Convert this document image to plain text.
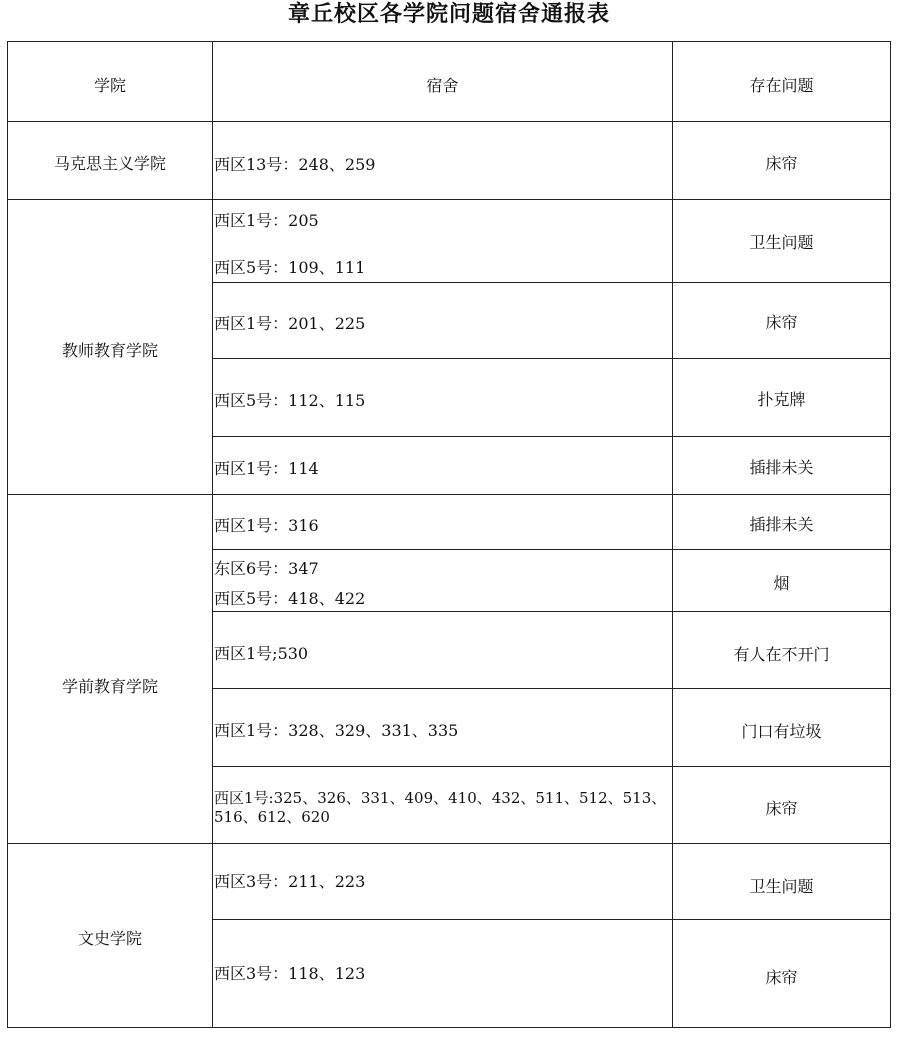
章丘校区各学院问题宿舍通报表
学院	宿舍	存在问题
马克思主义学院
教师教育学院
学前教育学院
文史学院
西区13号：248、259
西区1号：205
西区5号：109、111
西区1号：201、225
西区5号：112、115
西区1号：114
西区1号：316
东区6号：347
西区5号：418、422
西区1号;530
西区1号：328、329、331、335
西区1号:325、326、331、409、410、432、511、512、513、516、612、620
西区3号：211、223
西区3号：118、123
床帘
卫生问题
床帘
扑克牌
插排未关
插排未关
烟
有人在不开门
门口有垃圾
床帘
卫生问题
床帘
